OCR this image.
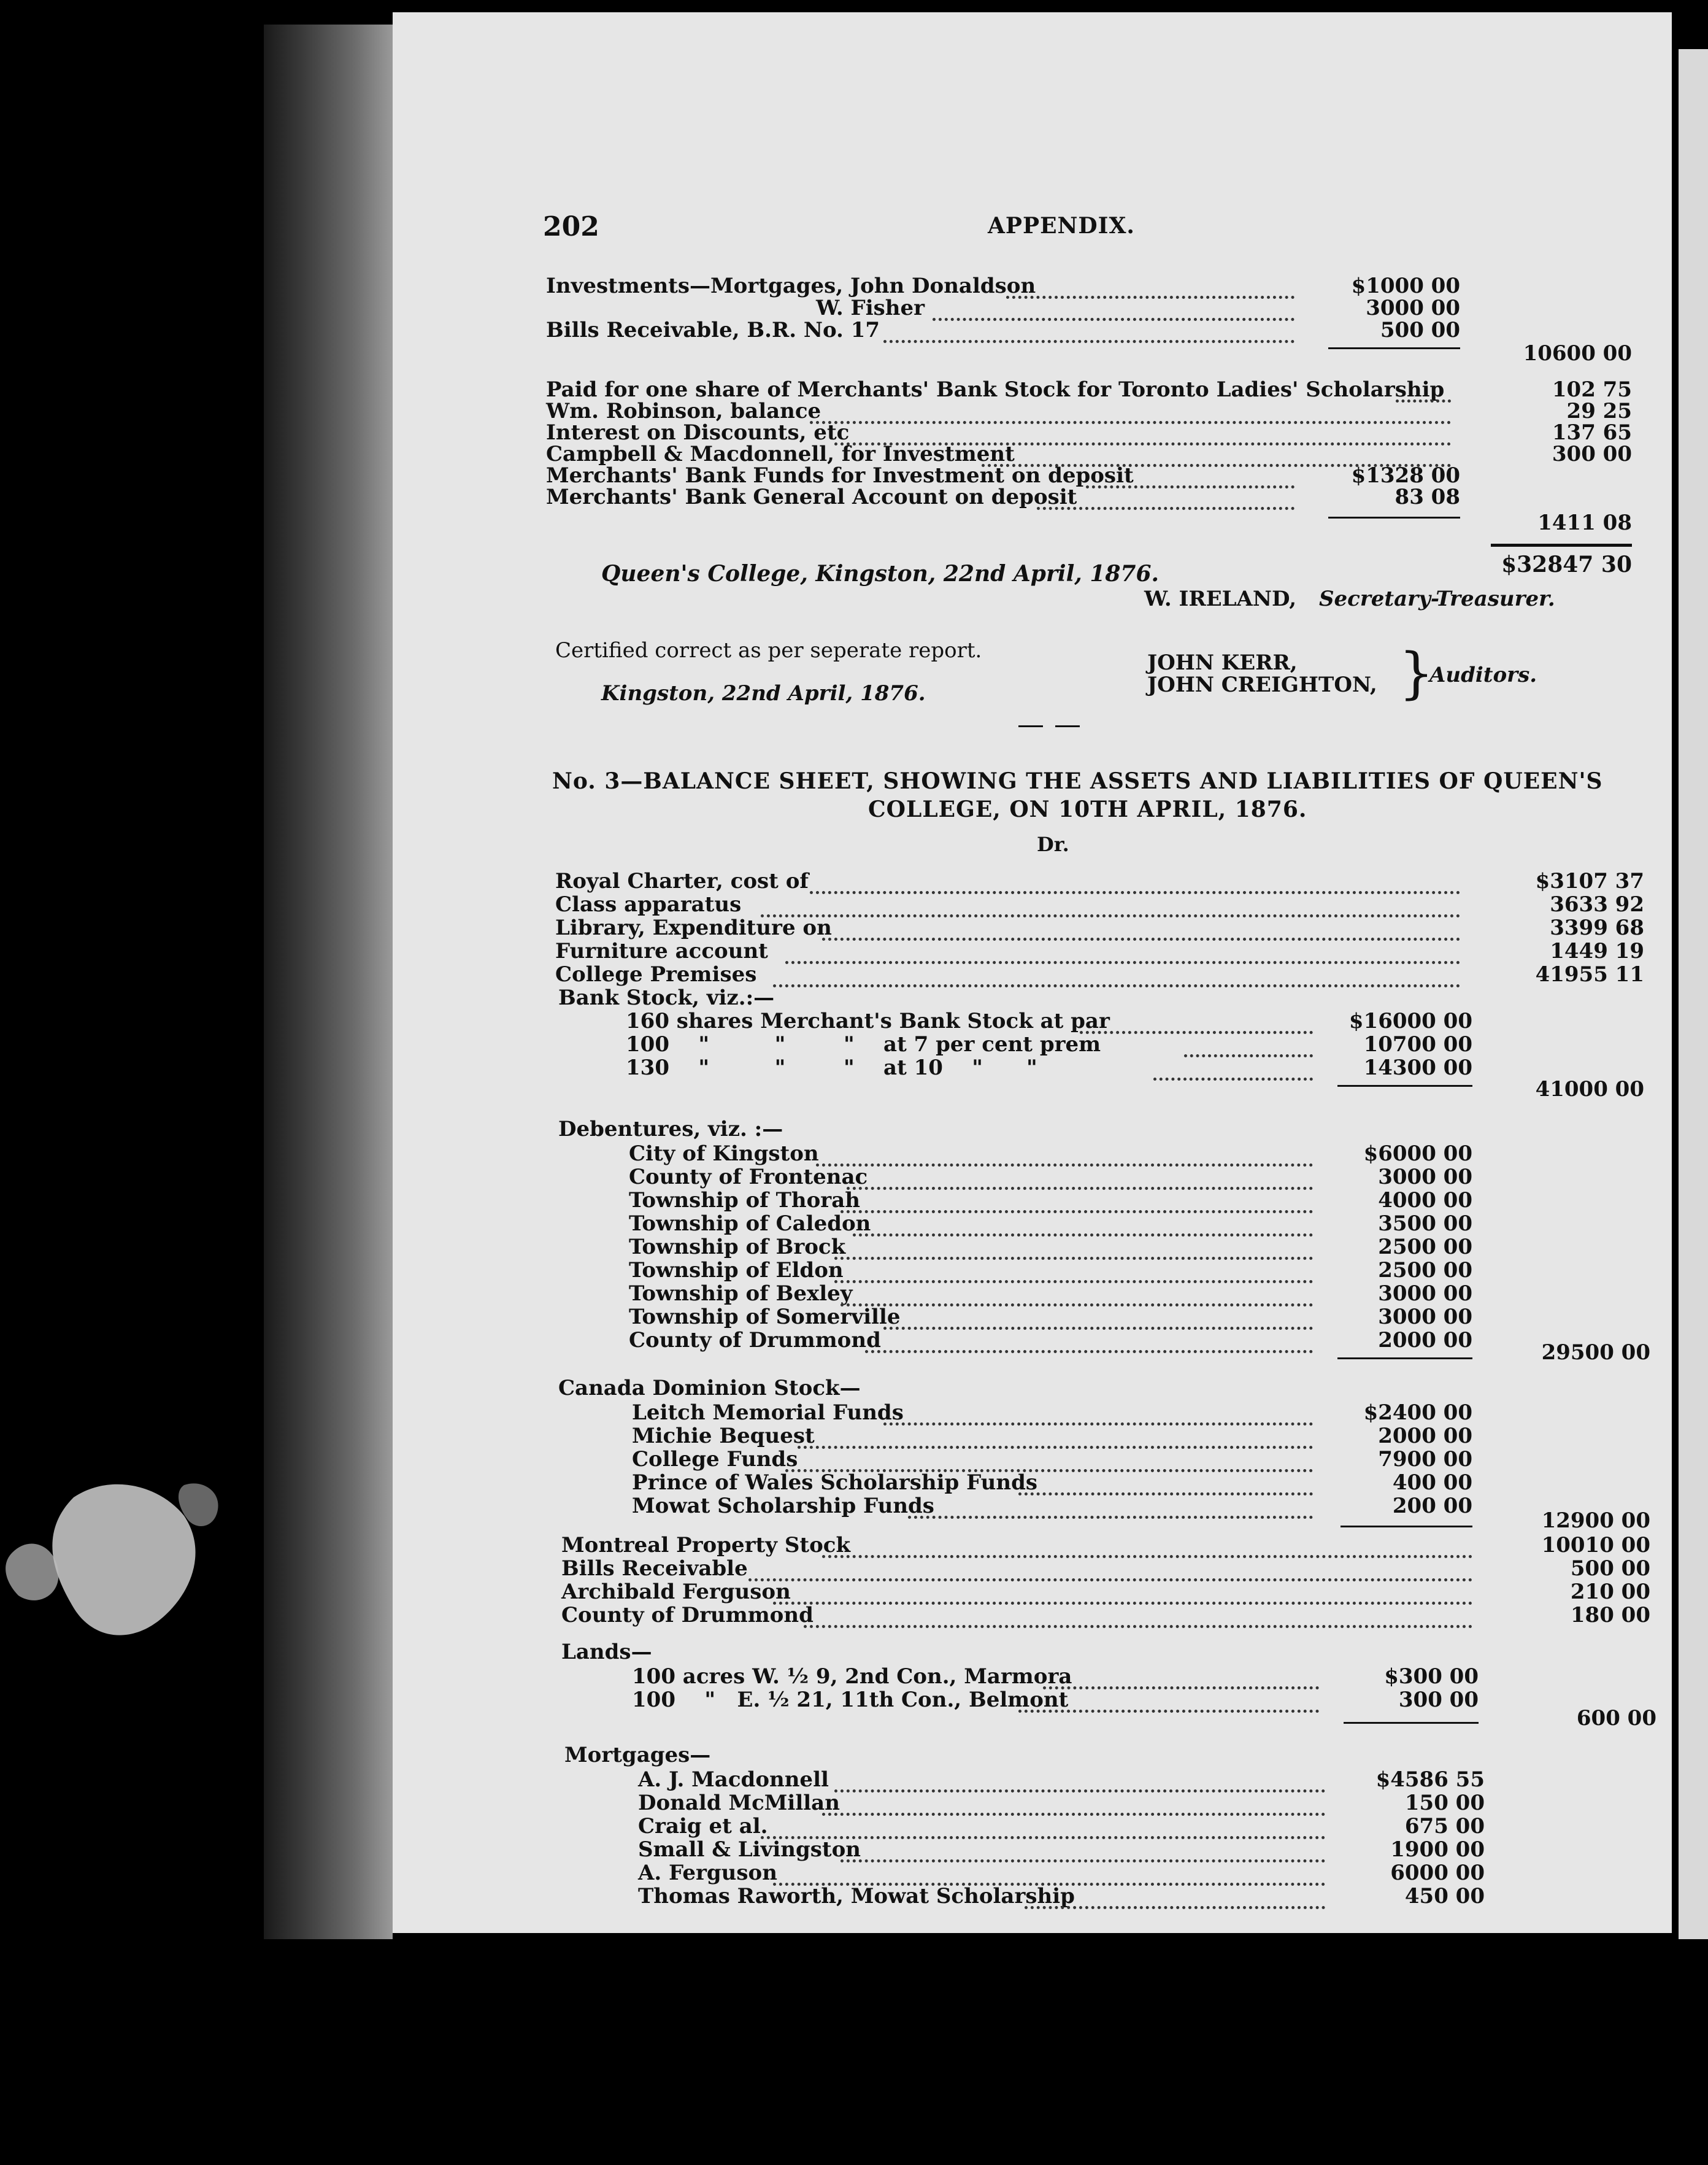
202	APPENDIX.
Investments—Mortgages, John Donaldson	$1000 00
W. Fisher	3000 00
Bills Receivable, B.R. No. 17	500 00
10600 00
Paid for one share of Merchants' Bank Stock for Toronto Ladies' Scholarship	102 75
Wm. Robinson, balance	29 25
Interest on Discounts, etc	137 65
Campbell & Macdonnell, for Investment	300 00
Merchants' Bank Funds for Investment on deposit	$1328 00
Merchants' Bank General Account on deposit	83 08
1411 08
Queen's College, Kingston, 22nd April, 1876.	$32847 30
W. IRELAND, Secretary-Treasurer.
Certified correct as per seperate report.	JOHN KERR,
JOHN CREIGHTON, }
Auditors.
Kingston, 22nd April, 1876.
No. 3—BALANCE SHEET, SHOWING THE ASSETS AND LIABILITIES OF QUEEN'S
COLLEGE, ON 10TH APRIL, 1876.
Dr.
Royal Charter, cost of	$3107 37
Class apparatus	3633 92
Library, Expenditure on	3399 68
Furniture account	1449 19
College Premises	41955 11
Bank Stock, viz.:—
160 shares Merchant's Bank Stock at par	$16000 00
100    "         "        "    at 7 per cent prem	10700 00
130    "         "        "    at 10    "      "	14300 00
41000 00
Debentures, viz. :—
City of Kingston	$6000 00
County of Frontenac	3000 00
Township of Thorah	4000 00
Township of Caledon	3500 00
Township of Brock	2500 00
Township of Eldon	2500 00
Township of Bexley	3000 00
Township of Somerville	3000 00
County of Drummond	2000 00	29500 00
Canada Dominion Stock—
Leitch Memorial Funds	$2400 00
Michie Bequest	2000 00
College Funds	7900 00
Prince of Wales Scholarship Funds	400 00
Mowat Scholarship Funds	200 00
12900 00
Montreal Property Stock	10010 00
Bills Receivable	500 00
Archibald Ferguson	210 00
County of Drummond	180 00
Lands—
100 acres W. ½ 9, 2nd Con., Marmora	$300 00
100    "   E. ½ 21, 11th Con., Belmont	300 00
600 00
Mortgages—
A. J. Macdonnell	$4586 55
Donald McMillan	150 00
Craig et al.	675 00
Small & Livingston	1900 00
A. Ferguson	6000 00
Thomas Raworth, Mowat Scholarship	450 00
